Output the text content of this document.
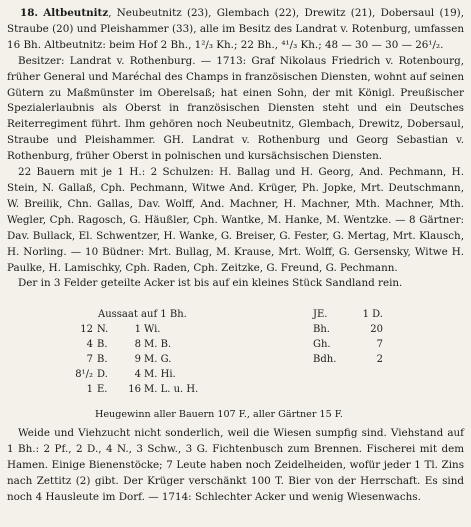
18. Altbeutnitz, Neubeutnitz (23), Glembach (22), Drewitz (21), Dobersaul (19), Straube (20) und Pleishammer (33), alle im Besitz des Landrat v. Rotenburg, umfassen 16 Bh. Altbeutnitz: beim Hof 2 Bh., 1²/₃ Kh.; 22 Bh., ⁴¹/₃ Kh.; 48 — 30 — 30 — 26¹/₂.

Besitzer: Landrat v. Rothenburg. — 1713: Graf Nikolaus Friedrich v. Rotenbourg, früher General und Maréchal des Champs in französischen Diensten, wohnt auf seinen Gütern zu Maßmünster im Oberelsaß; hat einen Sohn, der mit Königl. Preußischer Spezialerlaubnis als Oberst in französischen Diensten steht und ein Deutsches Reiterregiment führt. Ihm gehören noch Neubeutnitz, Glembach, Drewitz, Dobersaul, Straube und Pleishammer. GH. Landrat v. Rothenburg und Georg Sebastian v. Rothenburg, früher Oberst in polnischen und kursächsischen Diensten.

22 Bauern mit je 1 H.: 2 Schulzen: H. Ballag und H. Georg, And. Pechmann, H. Stein, N. Gallaß, Cph. Pechmann, Witwe And. Krüger, Ph. Jopke, Mrt. Deutschmann, W. Breilik, Chn. Gallas, Dav. Wolff, And. Machner, H. Machner, Mth. Machner, Mth. Wegler, Cph. Ragosch, G. Häußler, Cph. Wantke, M. Hanke, M. Wentzke. — 8 Gärtner: Dav. Bullack, El. Schwentzer, H. Wanke, G. Breiser, G. Fester, G. Mertag, Mrt. Klausch, H. Norling. — 10 Büdner: Mrt. Bullag, M. Krause, Mrt. Wolff, G. Gersensky, Witwe H. Paulke, H. Lamischky, Cph. Raden, Cph. Zeitzke, G. Freund, G. Pechmann.

Der in 3 Felder geteilte Acker ist bis auf ein kleines Stück Sandland rein.

Aussaat auf 1 Bh.
12 N.	1 Wi.
4 B.	8 M. B.
7 B.	9 M. G.
8¹/₂ D.	4 M. Hi.
1 E. 16 M. L. u. H.
JE.	1 D.
Bh.	20
Gh.	7
Bdh.	2
Heugewinn aller Bauern 107 F., aller Gärtner 15 F.

Weide und Viehzucht nicht sonderlich, weil die Wiesen sumpfig sind. Viehstand auf 1 Bh.: 2 Pf., 2 D., 4 N., 3 Schw., 3 G. Fichtenbusch zum Brennen. Fischerei mit dem Hamen. Einige Bienenstöcke; 7 Leute haben noch Zeidelheiden, wofür jeder 1 Tl. Zins nach Zettitz (2) gibt. Der Krüger verschänkt 100 T. Bier von der Herrschaft. Es sind noch 4 Hausleute im Dorf. — 1714: Schlechter Acker und wenig Wiesenwachs.
